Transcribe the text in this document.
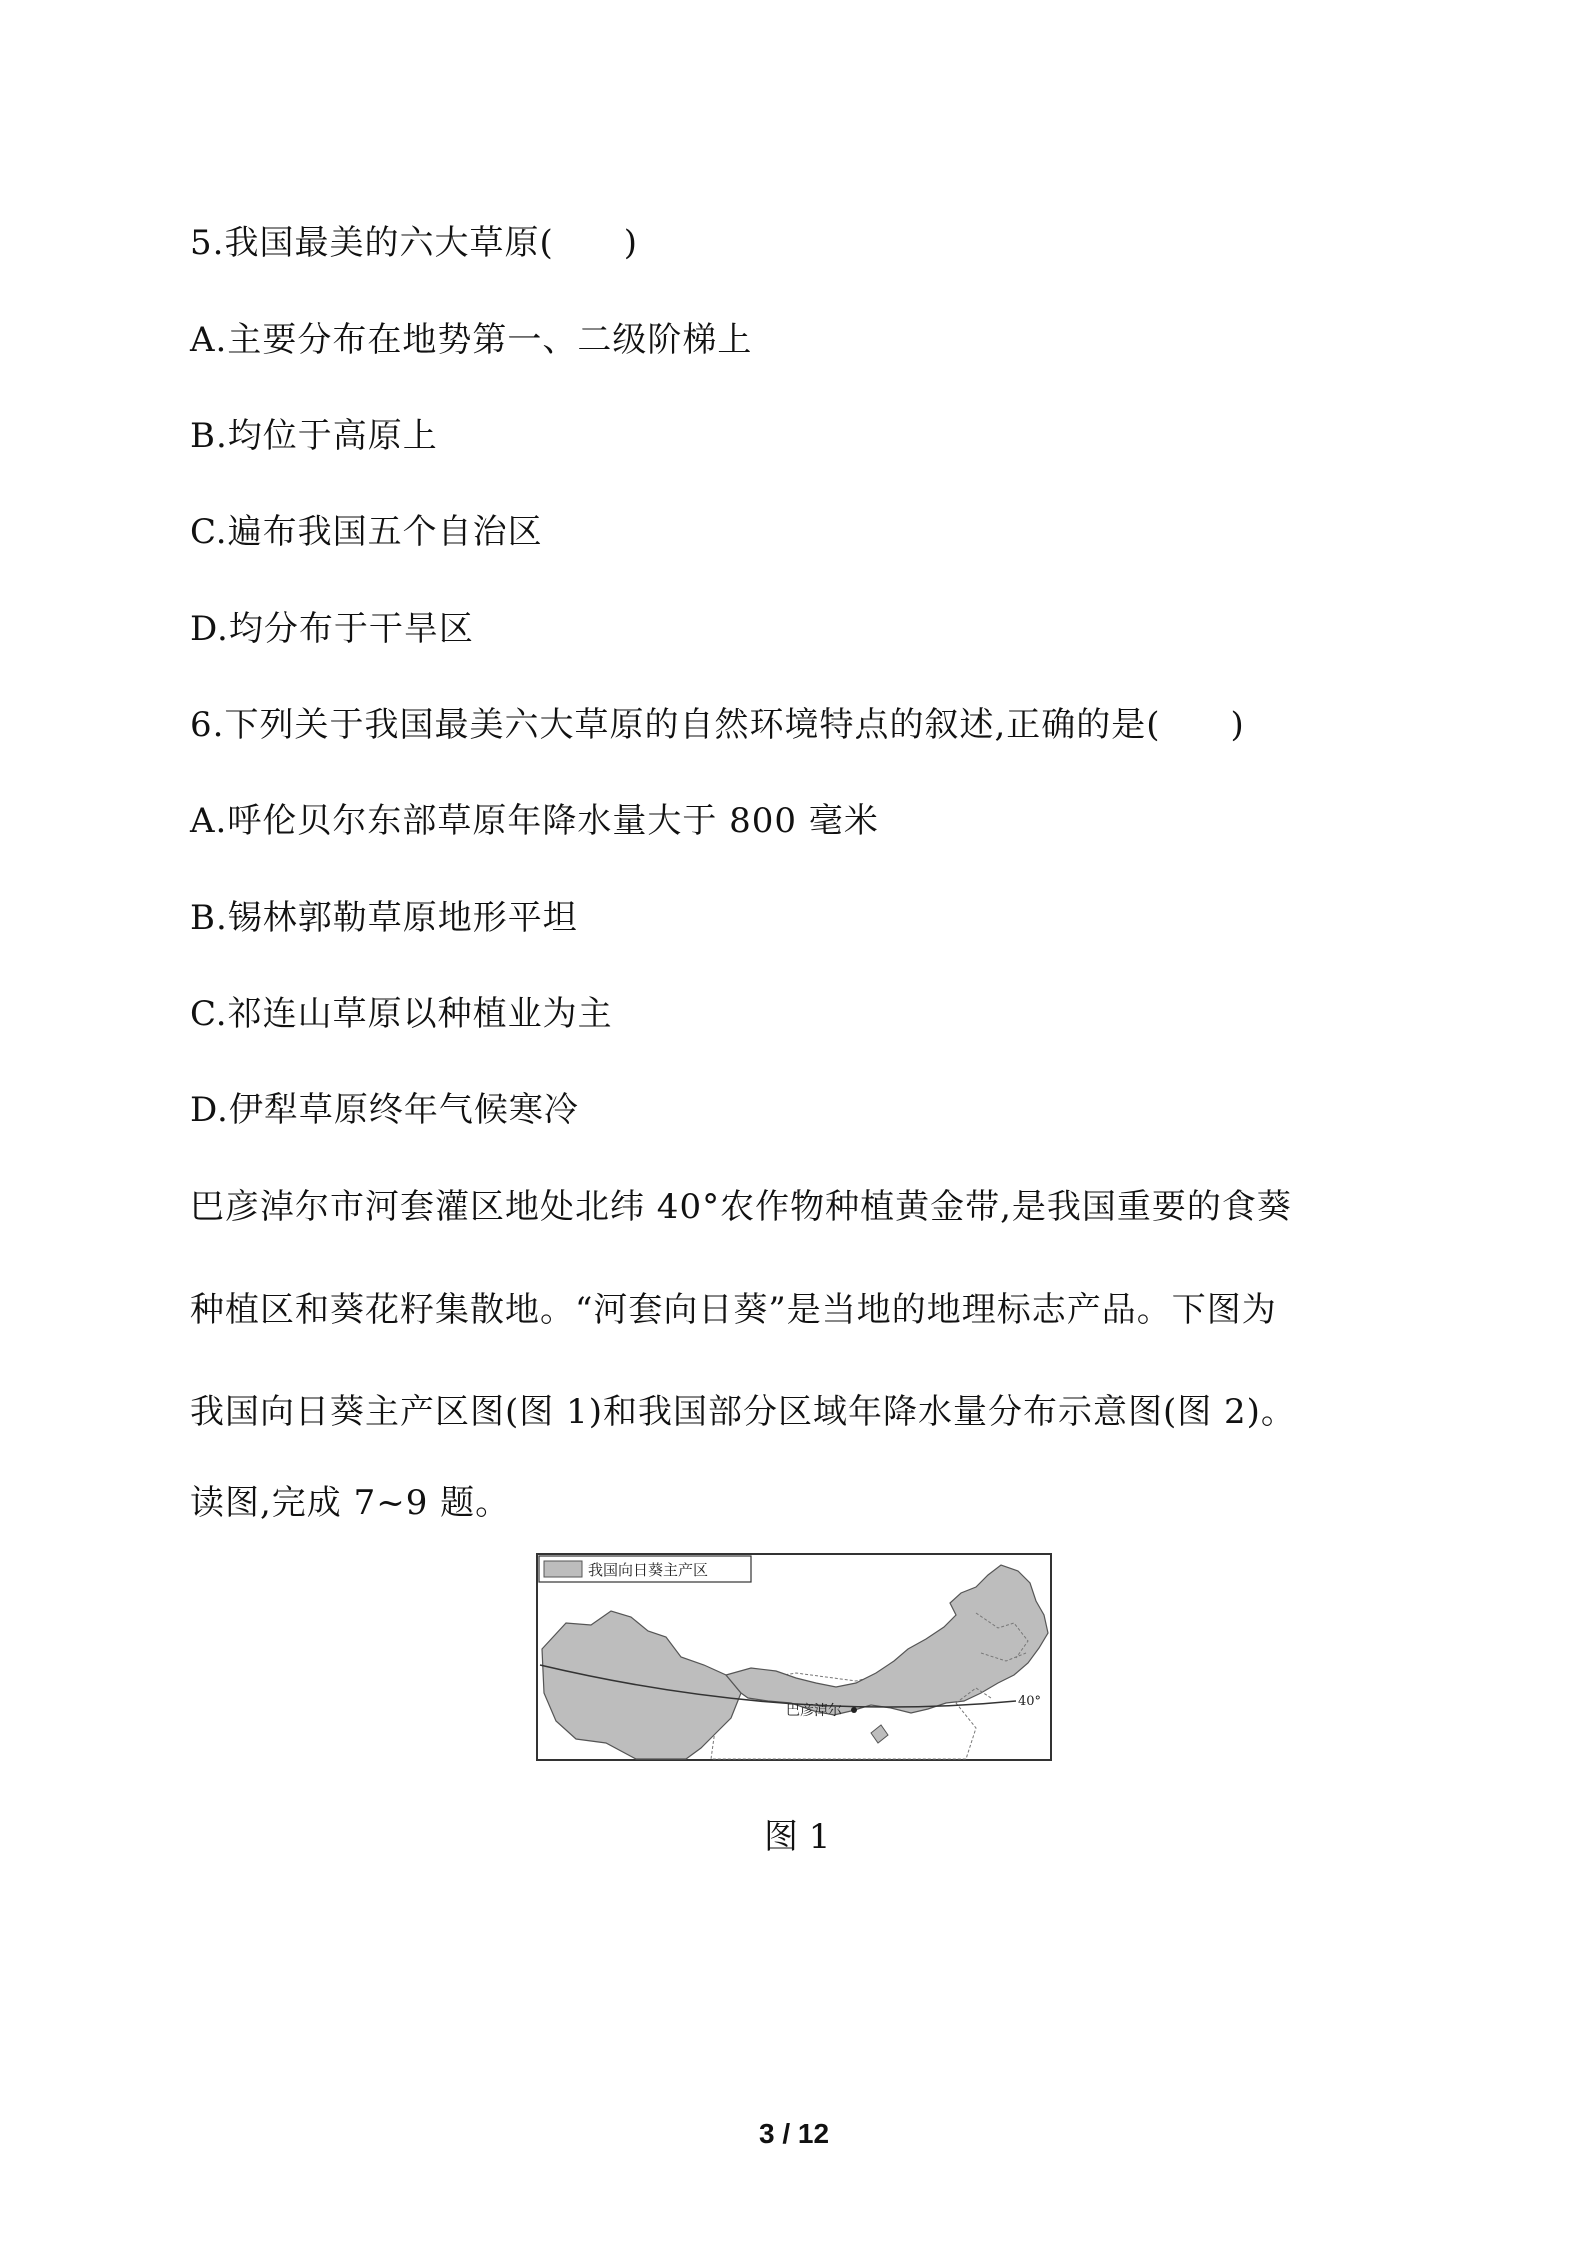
5.我国最美的六大草原(　　)
A.主要分布在地势第一、二级阶梯上
B.均位于高原上
C.遍布我国五个自治区
D.均分布于干旱区
6.下列关于我国最美六大草原的自然环境特点的叙述,正确的是(　　)
A.呼伦贝尔东部草原年降水量大于 800 毫米
B.锡林郭勒草原地形平坦
C.祁连山草原以种植业为主
D.伊犁草原终年气候寒冷
巴彦淖尔市河套灌区地处北纬 40°农作物种植黄金带,是我国重要的食葵
种植区和葵花籽集散地。“河套向日葵”是当地的地理标志产品。下图为
我国向日葵主产区图(图 1)和我国部分区域年降水量分布示意图(图 2)。
读图,完成 7~9 题。
巴彦淖尔
40°
我国向日葵主产区
图 1
3 / 12
